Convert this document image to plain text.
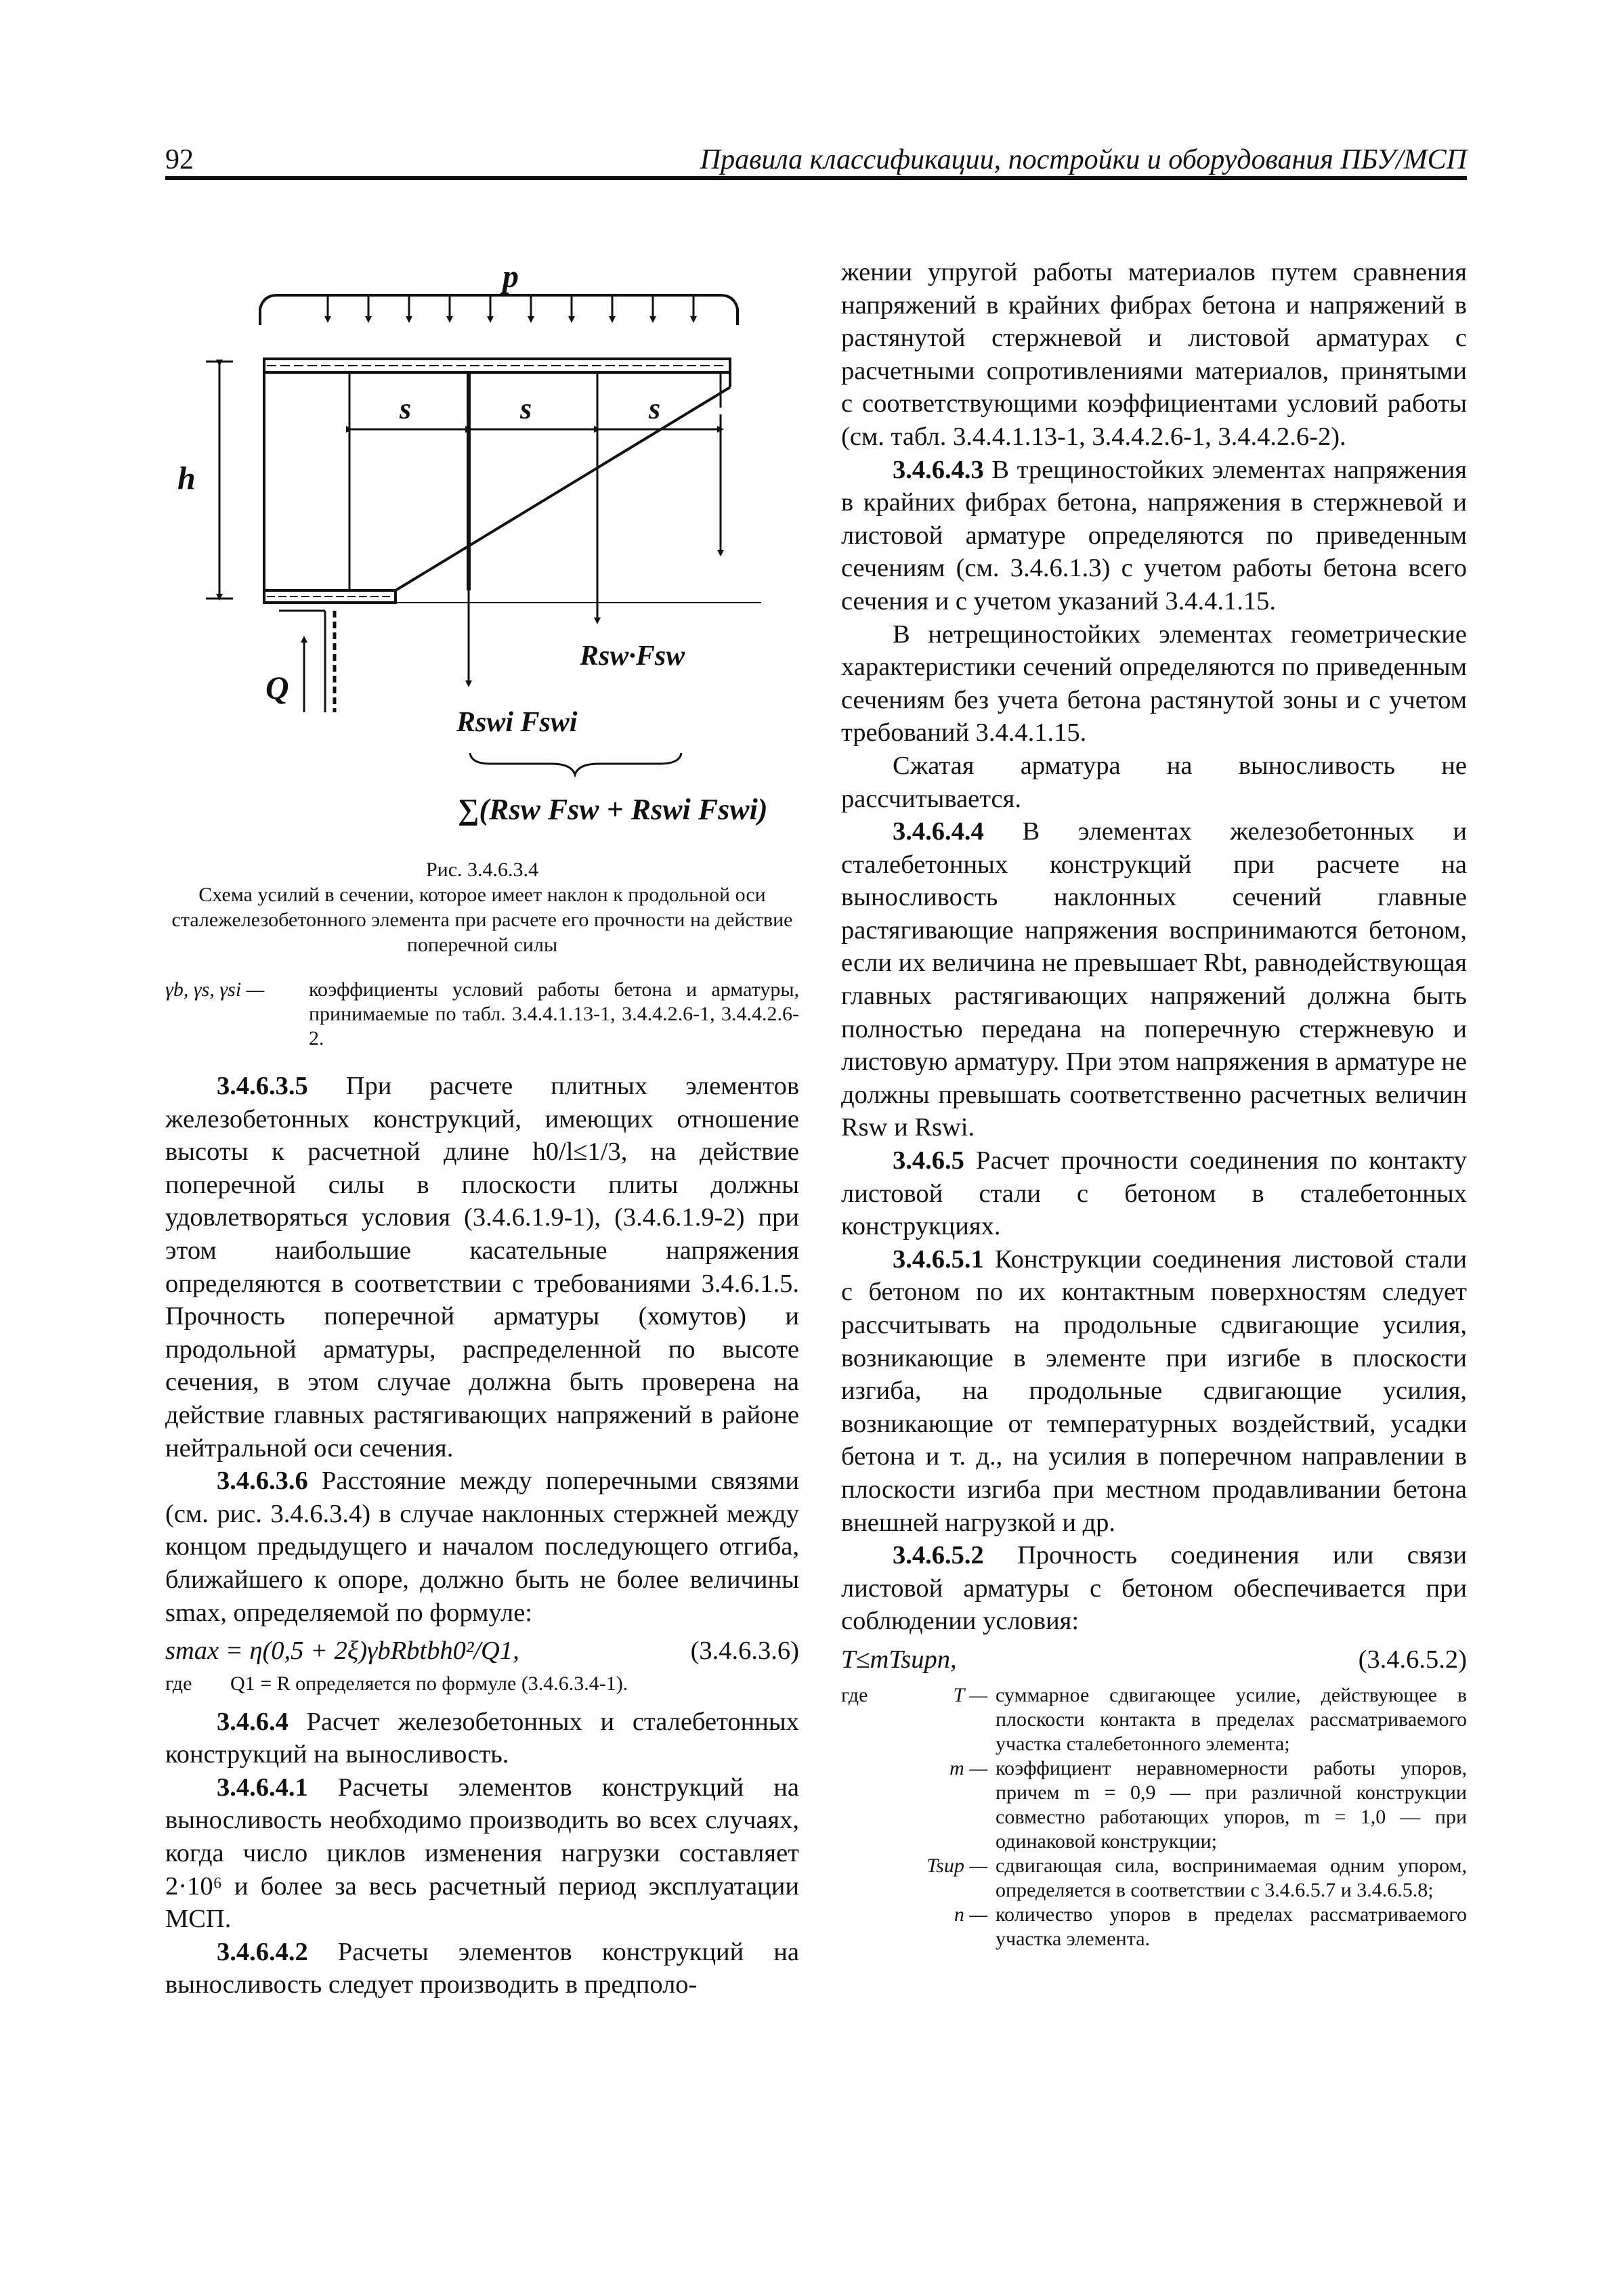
92	Правила классификации, постройки и оборудования ПБУ/МСП
p
h
s	s	s
Q
Rsw·Fsw
Rswi Fswi
∑(Rsw Fsw + Rswi Fswi)
Рис. 3.4.6.3.4
Схема усилий в сечении, которое имеет наклон к продольной оси сталежелезобетонного элемента при расчете его прочности на действие поперечной силы
γb, γs, γsi —	коэффициенты условий работы бетона и арматуры, принимаемые по табл. 3.4.4.1.13-1, 3.4.4.2.6-1, 3.4.4.2.6-2.

3.4.6.3.5 При расчете плитных элементов железобетонных конструкций, имеющих отношение высоты к расчетной длине h0/l≤1/3, на действие поперечной силы в плоскости плиты должны удовлетворяться условия (3.4.6.1.9-1), (3.4.6.1.9-2) при этом наибольшие касательные напряжения определяются в соответствии с требованиями 3.4.6.1.5. Прочность поперечной арматуры (хомутов) и продольной арматуры, распределенной по высоте сечения, в этом случае должна быть проверена на действие главных растягивающих напряжений в районе нейтральной оси сечения.

3.4.6.3.6 Расстояние между поперечными связями (см. рис. 3.4.6.3.4) в случае наклонных стержней между концом предыдущего и началом последующего отгиба, ближайшего к опоре, должно быть не более величины smax, определяемой по формуле:

smax = η(0,5 + 2ξ)γbRbtbh0²/Q1,	(3.4.6.3.6)
где	Q1 = R определяется по формуле (3.4.6.3.4-1).

3.4.6.4 Расчет железобетонных и сталебетонных конструкций на выносливость.

3.4.6.4.1 Расчеты элементов конструкций на выносливость необходимо производить во всех случаях, когда число циклов изменения нагрузки составляет 2·10⁶ и более за весь расчетный период эксплуатации МСП.

3.4.6.4.2 Расчеты элементов конструкций на выносливость следует производить в предполо-

жении упругой работы материалов путем сравнения напряжений в крайних фибрах бетона и напряжений в растянутой стержневой и листовой арматурах с расчетными сопротивлениями материалов, принятыми с соответствующими коэффициентами условий работы (см. табл. 3.4.4.1.13-1, 3.4.4.2.6-1, 3.4.4.2.6-2).

3.4.6.4.3 В трещиностойких элементах напряжения в крайних фибрах бетона, напряжения в стержневой и листовой арматуре определяются по приведенным сечениям (см. 3.4.6.1.3) с учетом работы бетона всего сечения и с учетом указаний 3.4.4.1.15.

В нетрещиностойких элементах геометрические характеристики сечений определяются по приведенным сечениям без учета бетона растянутой зоны и с учетом требований 3.4.4.1.15.

Сжатая арматура на выносливость не рассчитывается.

3.4.6.4.4 В элементах железобетонных и сталебетонных конструкций при расчете на выносливость наклонных сечений главные растягивающие напряжения воспринимаются бетоном, если их величина не превышает Rbt, равнодействующая главных растягивающих напряжений должна быть полностью передана на поперечную стержневую и листовую арматуру. При этом напряжения в арматуре не должны превышать соответственно расчетных величин Rsw и Rswi.

3.4.6.5 Расчет прочности соединения по контакту листовой стали с бетоном в сталебетонных конструкциях.

3.4.6.5.1 Конструкции соединения листовой стали с бетоном по их контактным поверхностям следует рассчитывать на продольные сдвигающие усилия, возникающие в элементе при изгибе в плоскости изгиба, на продольные сдвигающие усилия, возникающие от температурных воздействий, усадки бетона и т. д., на усилия в поперечном направлении в плоскости изгиба при местном продавливании бетона внешней нагрузкой и др.

3.4.6.5.2 Прочность соединения или связи листовой арматуры с бетоном обеспечивается при соблюдении условия:

T≤mTsupn,	(3.4.6.5.2)
где	T — суммарное сдвигающее усилие, действующее в плоскости контакта в пределах рассматриваемого участка сталебетонного элемента;
m — коэффициент неравномерности работы упоров, причем m = 0,9 — при различной конструкции совместно работающих упоров, m = 1,0 — при одинаковой конструкции;
Tsup — сдвигающая сила, воспринимаемая одним упором, определяется в соответствии с 3.4.6.5.7 и 3.4.6.5.8;
n — количество упоров в пределах рассматриваемого участка элемента.
